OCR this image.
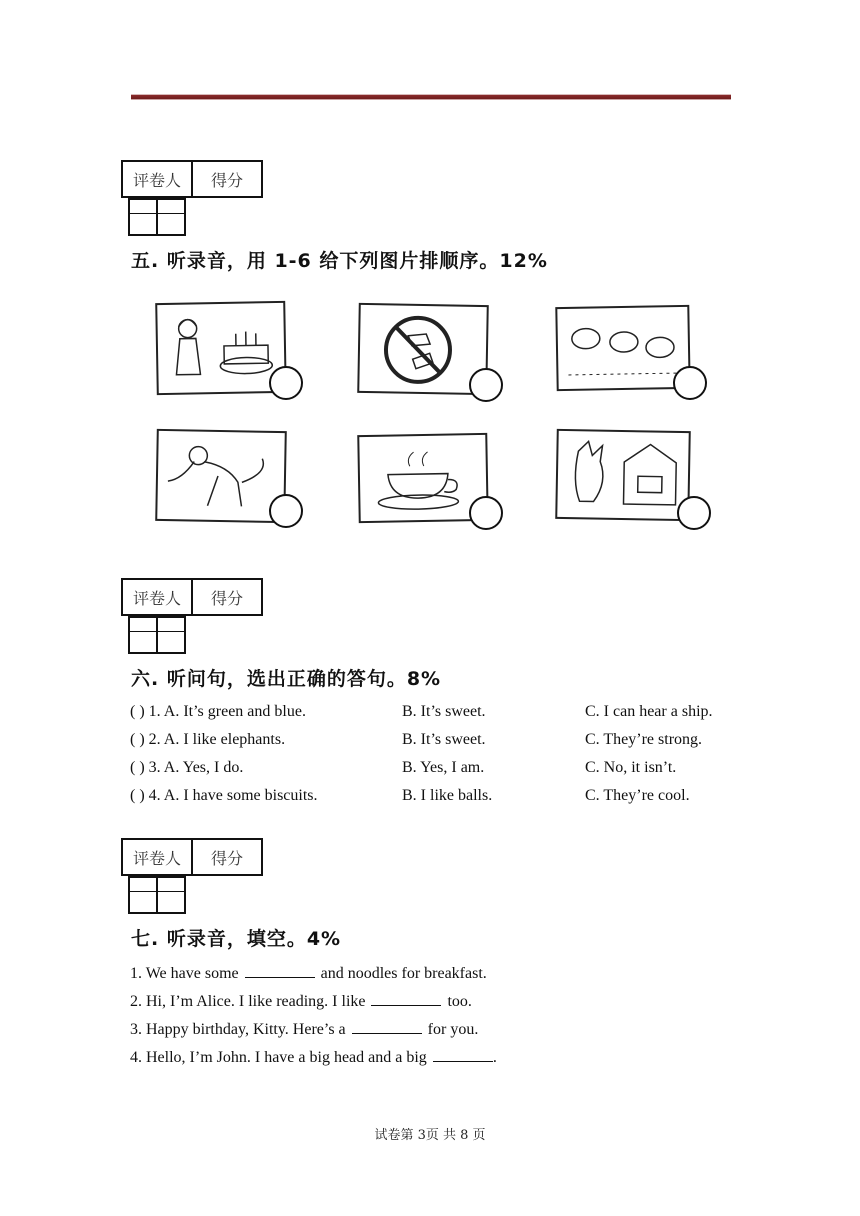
评卷人	得分

五. 听录音，用 1-6 给下列图片排顺序。12%
评卷人	得分

六. 听问句，选出正确的答句。8%
( ) 1. A. It’s green and blue.	B. It’s sweet.	C. I can hear a ship.
( ) 2. A. I like elephants.	B. It’s sweet.	C. They’re strong.
( ) 3. A. Yes, I do.	B. Yes, I am.	C. No, it isn’t.
( ) 4. A. I have some biscuits.	B. I like balls.	C. They’re cool.
评卷人	得分

七. 听录音，填空。4%
1. We have some	and noodles for breakfast.
2. Hi, I’m Alice. I like reading. I like	too.
3. Happy birthday, Kitty. Here’s a	for you.
4. Hello, I’m John. I have a big head and a big	.
试卷第 3页 共 8 页
